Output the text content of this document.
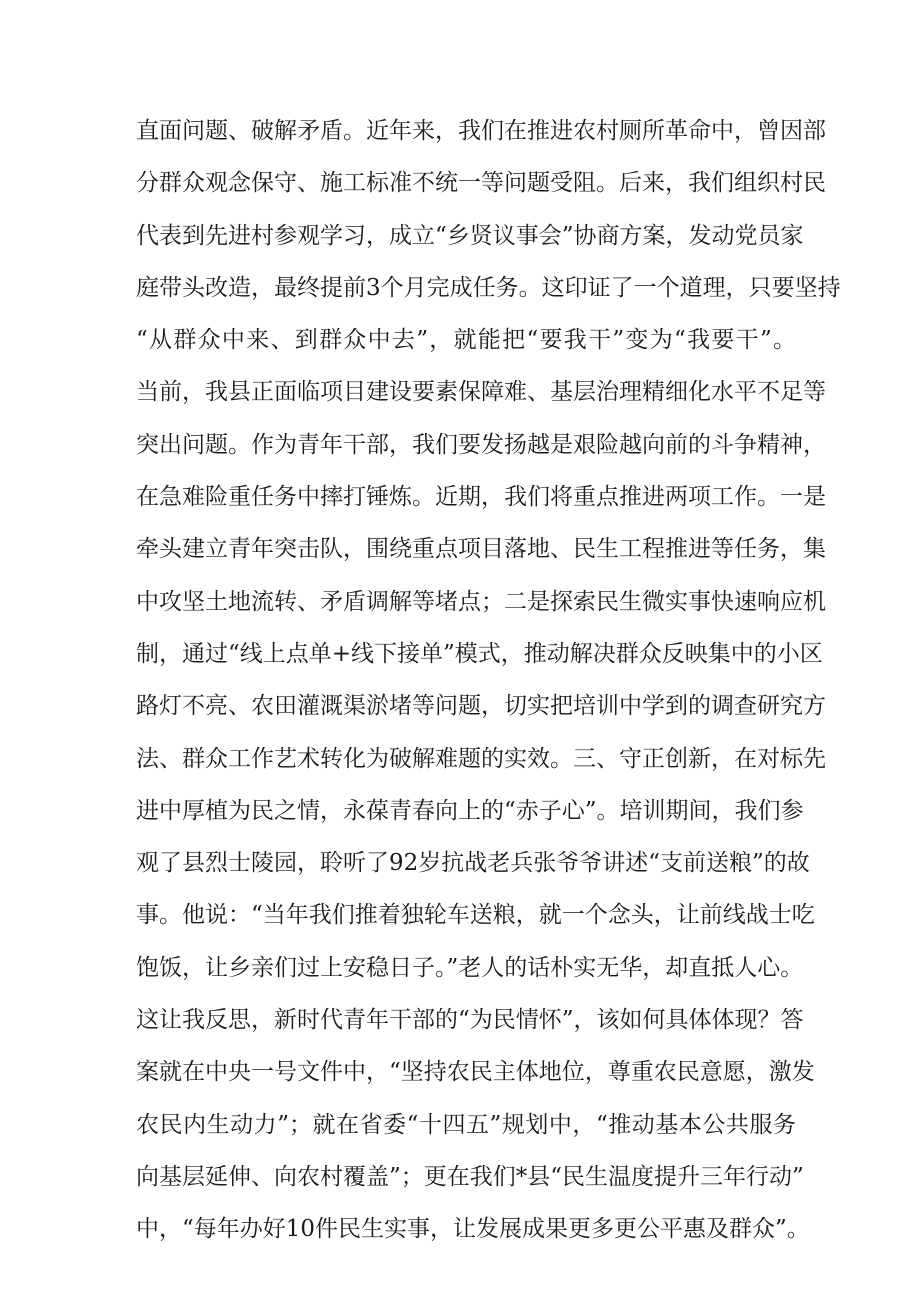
直面问题、破解矛盾。近年来，我们在推进农村厕所革命中，曾因部
分群众观念保守、施工标准不统一等问题受阻。后来，我们组织村民
代表到先进村参观学习，成立“乡贤议事会”协商方案，发动党员家
庭带头改造，最终提前3个月完成任务。这印证了一个道理，只要坚持
“从群众中来、到群众中去”，就能把“要我干”变为“我要干”。
当前，我县正面临项目建设要素保障难、基层治理精细化水平不足等
突出问题。作为青年干部，我们要发扬越是艰险越向前的斗争精神，
在急难险重任务中摔打锤炼。近期，我们将重点推进两项工作。一是
牵头建立青年突击队，围绕重点项目落地、民生工程推进等任务，集
中攻坚土地流转、矛盾调解等堵点；二是探索民生微实事快速响应机
制，通过“线上点单+线下接单”模式，推动解决群众反映集中的小区
路灯不亮、农田灌溉渠淤堵等问题，切实把培训中学到的调查研究方
法、群众工作艺术转化为破解难题的实效。三、守正创新，在对标先
进中厚植为民之情，永葆青春向上的“赤子心”。培训期间，我们参
观了县烈士陵园，聆听了92岁抗战老兵张爷爷讲述“支前送粮”的故
事。他说：“当年我们推着独轮车送粮，就一个念头，让前线战士吃
饱饭，让乡亲们过上安稳日子。”老人的话朴实无华，却直抵人心。
这让我反思，新时代青年干部的“为民情怀”，该如何具体体现？答
案就在中央一号文件中，“坚持农民主体地位，尊重农民意愿，激发
农民内生动力”；就在省委“十四五”规划中，“推动基本公共服务
向基层延伸、向农村覆盖”；更在我们*县“民生温度提升三年行动”
中，“每年办好10件民生实事，让发展成果更多更公平惠及群众”。
